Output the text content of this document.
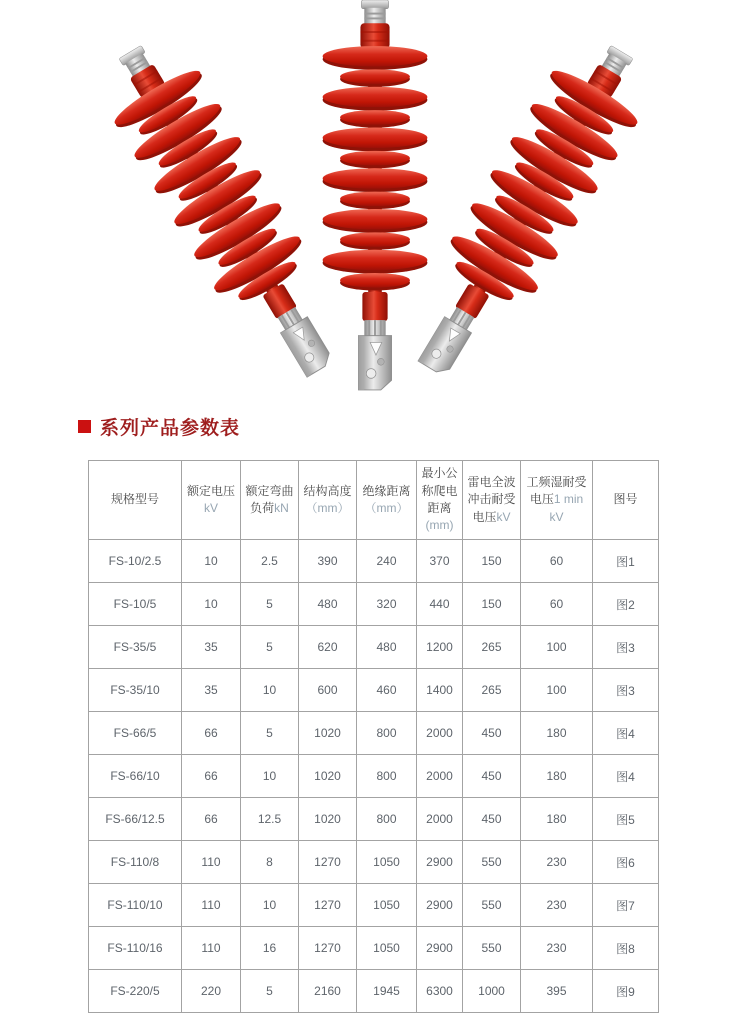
系列产品参数表
规格型号	额定电压kV	额定弯曲负荷kN	结构高度（mm）	绝缘距离（mm）	最小公称爬电距离(mm)	雷电全波冲击耐受电压kV	工频湿耐受电压1 min kV	图号
FS-10/2.5	10	2.5	390	240	370	150	60	图1
FS-10/5	10	5	480	320	440	150	60	图2
FS-35/5	35	5	620	480	1200	265	100	图3
FS-35/10	35	10	600	460	1400	265	100	图3
FS-66/5	66	5	1020	800	2000	450	180	图4
FS-66/10	66	10	1020	800	2000	450	180	图4
FS-66/12.5	66	12.5	1020	800	2000	450	180	图5
FS-110/8	110	8	1270	1050	2900	550	230	图6
FS-110/10	110	10	1270	1050	2900	550	230	图7
FS-110/16	110	16	1270	1050	2900	550	230	图8
FS-220/5	220	5	2160	1945	6300	1000	395	图9
